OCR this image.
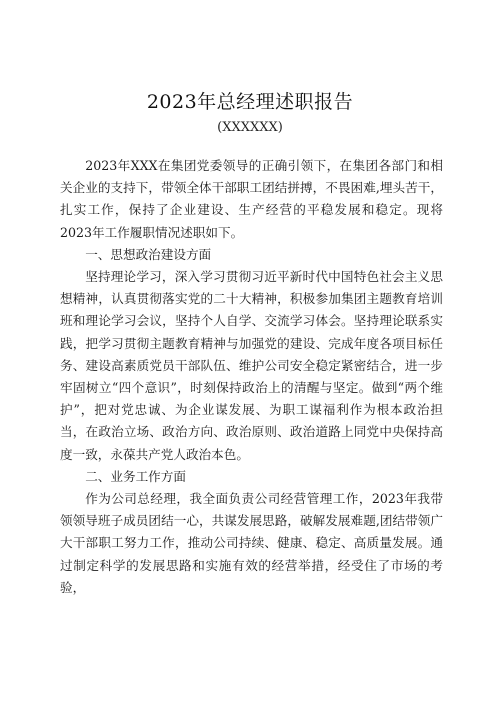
2023年总经理述职报告
(XXXXXX)

2023年XXX在集团党委领导的正确引领下，在集团各部门和相关企业的支持下，带领全体干部职工团结拼搏，不畏困难,埋头苦干，扎实工作，保持了企业建设、生产经营的平稳发展和稳定。现将2023年工作履职情况述职如下。

一、思想政治建设方面

坚持理论学习，深入学习贯彻习近平新时代中国特色社会主义思想精神，认真贯彻落实党的二十大精神，积极参加集团主题教育培训班和理论学习会议，坚持个人自学、交流学习体会。坚持理论联系实践，把学习贯彻主题教育精神与加强党的建设、完成年度各项目标任务、建设高素质党员干部队伍、维护公司安全稳定紧密结合，进一步牢固树立“四个意识”，时刻保持政治上的清醒与坚定。做到“两个维护”，把对党忠诚、为企业谋发展、为职工谋福利作为根本政治担当，在政治立场、政治方向、政治原则、政治道路上同党中央保持高度一致，永葆共产党人政治本色。

二、业务工作方面

作为公司总经理，我全面负责公司经营管理工作，2023年我带领领导班子成员团结一心，共谋发展思路，破解发展难题,团结带领广大干部职工努力工作，推动公司持续、健康、稳定、高质量发展。通过制定科学的发展思路和实施有效的经营举措，经受住了市场的考验，
